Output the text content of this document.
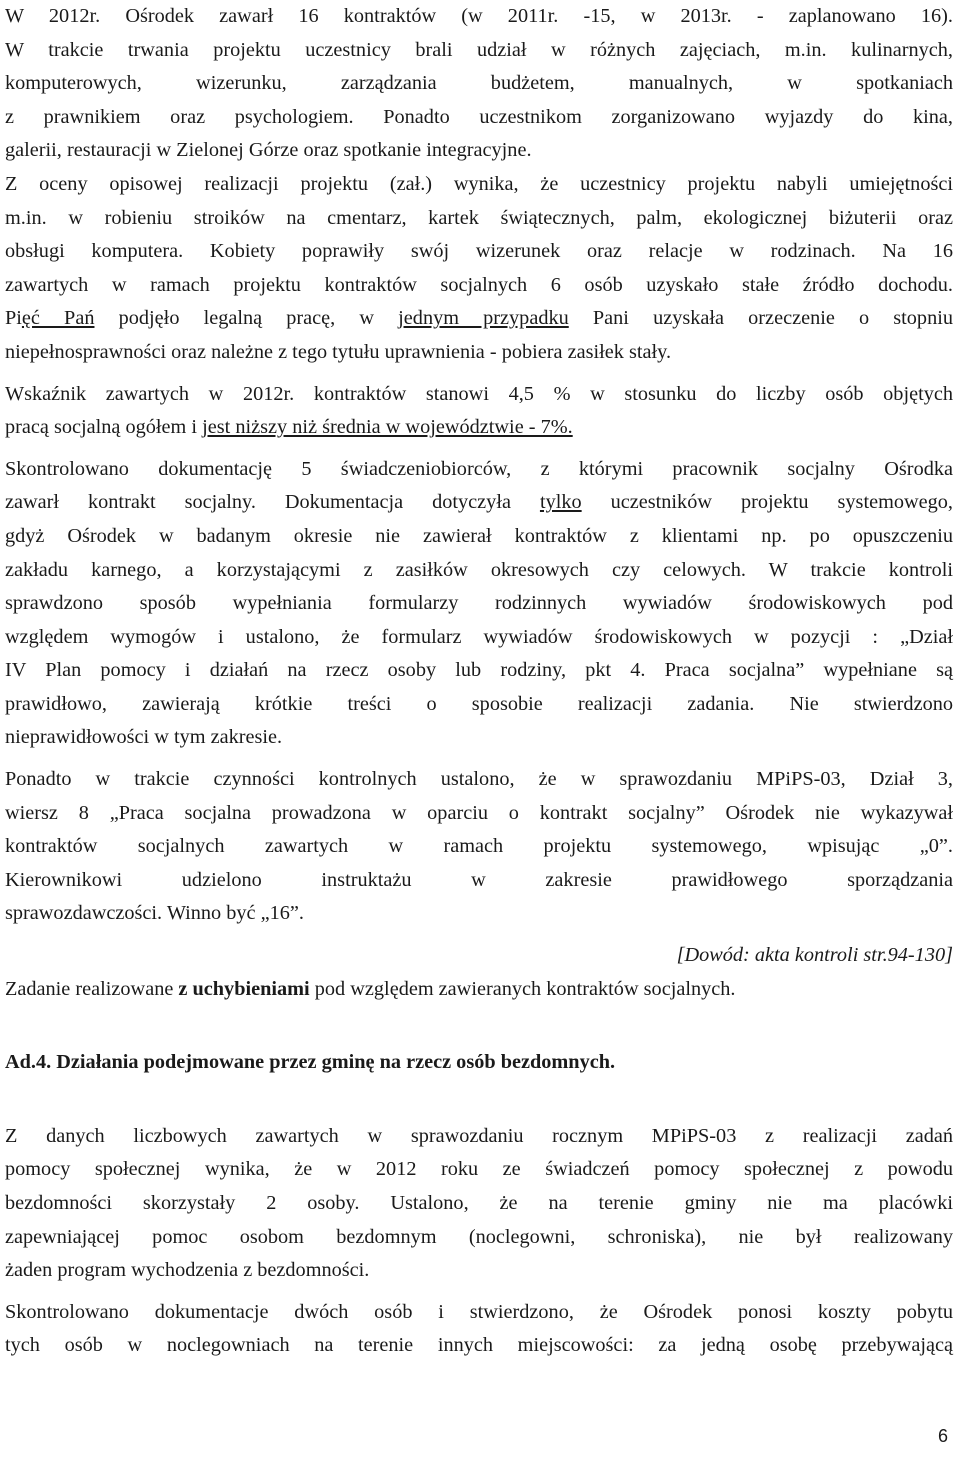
W 2012r. Ośrodek zawarł 16 kontraktów (w 2011r. -15, w 2013r. - zaplanowano 16).
W trakcie trwania projektu uczestnicy brali udział w różnych zajęciach, m.in. kulinarnych,
komputerowych, wizerunku, zarządzania budżetem, manualnych, w spotkaniach
z prawnikiem oraz psychologiem. Ponadto uczestnikom zorganizowano wyjazdy do kina,
galerii, restauracji w Zielonej Górze oraz spotkanie integracyjne.
Z oceny opisowej realizacji projektu (zał.) wynika, że uczestnicy projektu nabyli umiejętności
m.in. w robieniu stroików na cmentarz, kartek świątecznych, palm, ekologicznej biżuterii oraz
obsługi komputera. Kobiety poprawiły swój wizerunek oraz relacje w rodzinach. Na 16
zawartych w ramach projektu kontraktów socjalnych 6 osób uzyskało stałe źródło dochodu.
Pięć Pań podjęło legalną pracę, w jednym przypadku Pani uzyskała orzeczenie o stopniu
niepełnosprawności oraz należne z tego tytułu uprawnienia - pobiera zasiłek stały.
Wskaźnik zawartych w 2012r. kontraktów stanowi 4,5 % w stosunku do liczby osób objętych
pracą socjalną ogółem i jest niższy niż średnia w województwie - 7%.
Skontrolowano dokumentację 5 świadczeniobiorców, z którymi pracownik socjalny Ośrodka
zawarł kontrakt socjalny. Dokumentacja dotyczyła tylko uczestników projektu systemowego,
gdyż Ośrodek w badanym okresie nie zawierał kontraktów z klientami np. po opuszczeniu
zakładu karnego, a korzystającymi z zasiłków okresowych czy celowych. W trakcie kontroli
sprawdzono sposób wypełniania formularzy rodzinnych wywiadów środowiskowych pod
względem wymogów i ustalono, że formularz wywiadów środowiskowych w pozycji : „Dział
IV Plan pomocy i działań na rzecz osoby lub rodziny, pkt 4. Praca socjalna” wypełniane są
prawidłowo, zawierają krótkie treści o sposobie realizacji zadania. Nie stwierdzono
nieprawidłowości w tym zakresie.
Ponadto w trakcie czynności kontrolnych ustalono, że w sprawozdaniu MPiPS-03, Dział 3,
wiersz 8 „Praca socjalna prowadzona w oparciu o kontrakt socjalny” Ośrodek nie wykazywał
kontraktów socjalnych zawartych w ramach projektu systemowego, wpisując „0”.
Kierownikowi udzielono instruktażu w zakresie prawidłowego sporządzania
sprawozdawczości. Winno być „16”.
[Dowód: akta kontroli str.94-130]
Zadanie realizowane z uchybieniami pod względem zawieranych kontraktów socjalnych.
Ad.4. Działania podejmowane przez gminę na rzecz osób bezdomnych.
Z danych liczbowych zawartych w sprawozdaniu rocznym MPiPS-03 z realizacji zadań
pomocy społecznej wynika, że w 2012 roku ze świadczeń pomocy społecznej z powodu
bezdomności skorzystały 2 osoby. Ustalono, że na terenie gminy nie ma placówki
zapewniającej pomoc osobom bezdomnym (noclegowni, schroniska), nie był realizowany
żaden program wychodzenia z bezdomności.
Skontrolowano dokumentacje dwóch osób i stwierdzono, że Ośrodek ponosi koszty pobytu
tych osób w noclegowniach na terenie innych miejscowości: za jedną osobę przebywającą
6
